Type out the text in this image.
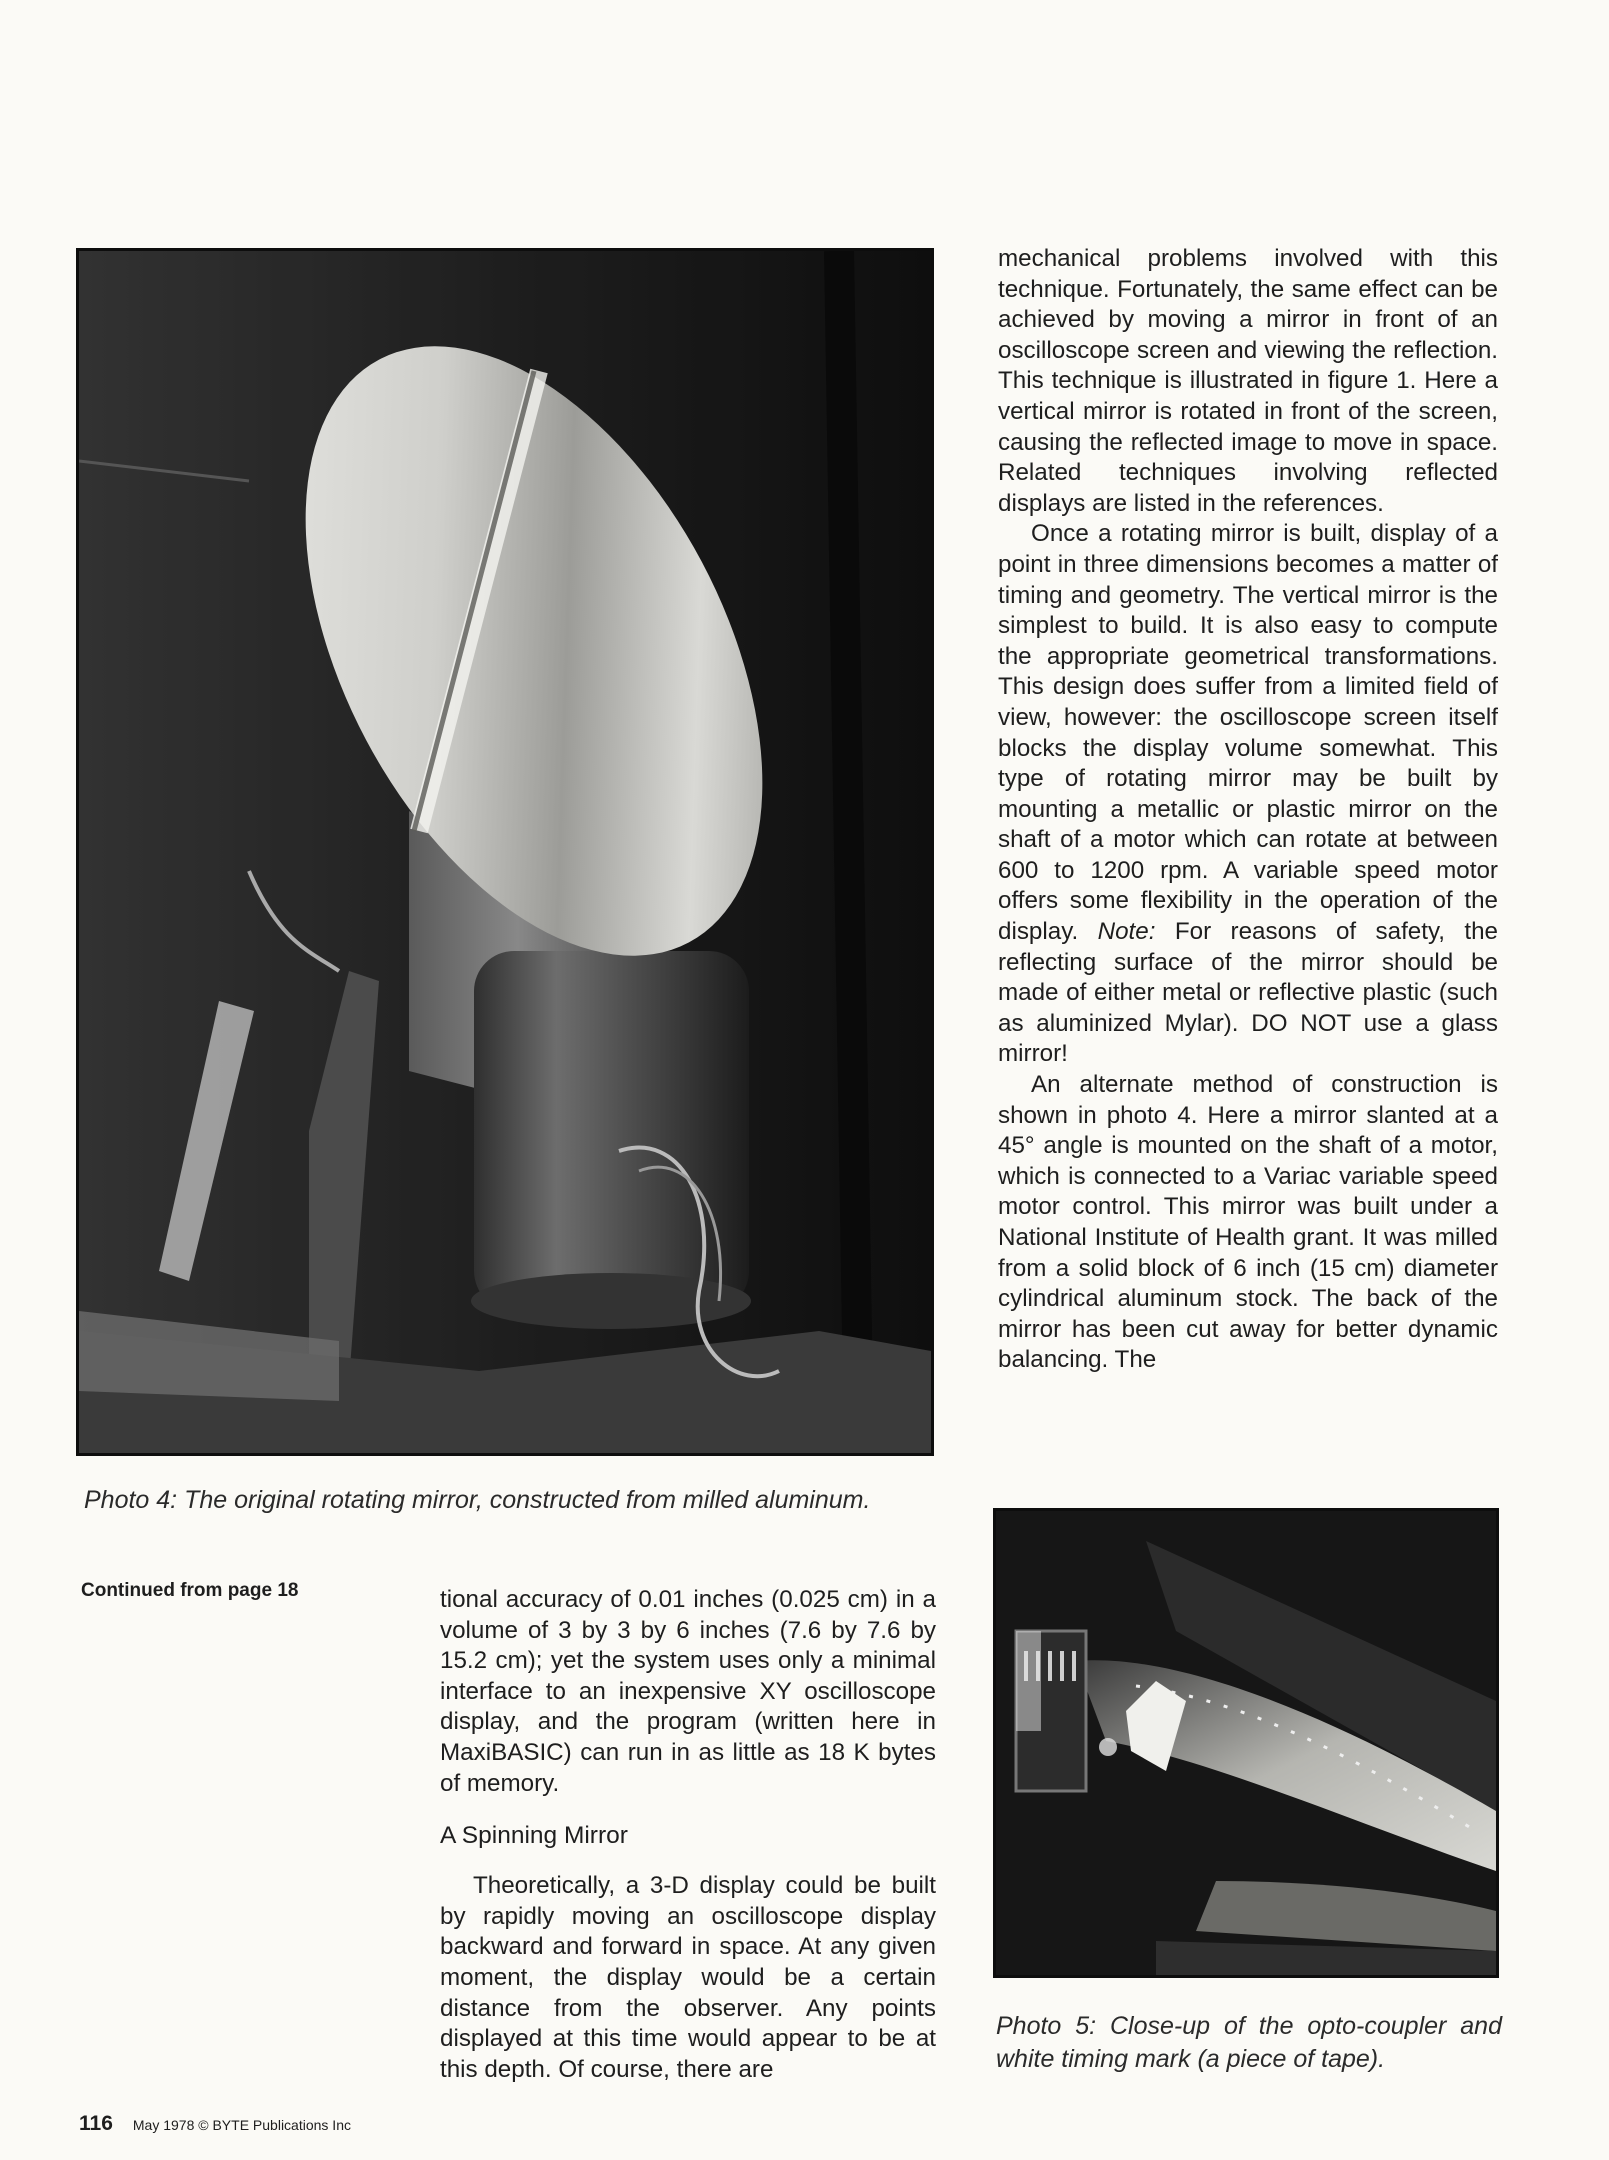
Photo 4: The original rotating mirror, constructed from milled aluminum.

mechanical problems involved with this technique. Fortunately, the same effect can be achieved by moving a mirror in front of an oscilloscope screen and viewing the reflection. This technique is illustrated in figure 1. Here a vertical mirror is rotated in front of the screen, causing the reflected image to move in space. Related techniques involving reflected displays are listed in the references.

Once a rotating mirror is built, display of a point in three dimensions becomes a matter of timing and geometry. The vertical mirror is the simplest to build. It is also easy to compute the appropriate geometrical transformations. This design does suffer from a limited field of view, however: the oscilloscope screen itself blocks the display volume somewhat. This type of rotating mirror may be built by mounting a metallic or plastic mirror on the shaft of a motor which can rotate at between 600 to 1200 rpm. A variable speed motor offers some flexibility in the operation of the display. Note: For reasons of safety, the reflecting surface of the mirror should be made of either metal or reflective plastic (such as aluminized Mylar). DO NOT use a glass mirror!

An alternate method of construction is shown in photo 4. Here a mirror slanted at a 45° angle is mounted on the shaft of a motor, which is connected to a Variac variable speed motor control. This mirror was built under a National Institute of Health grant. It was milled from a solid block of 6 inch (15 cm) diameter cylindrical aluminum stock. The back of the mirror has been cut away for better dynamic balancing. The

Continued from page 18	tional accuracy of 0.01 inches (0.025 cm) in a volume of 3 by 3 by 6 inches (7.6 by 7.6 by 15.2 cm); yet the system uses only a minimal interface to an inexpensive XY oscilloscope display, and the program (written here in MaxiBASIC) can run in as little as 18 K bytes of memory.

A Spinning Mirror

Theoretically, a 3-D display could be built by rapidly moving an oscilloscope display backward and forward in space. At any given moment, the display would be a certain distance from the observer. Any points displayed at this time would appear to be at this depth. Of course, there are

Photo 5: Close-up of the opto-coupler and white timing mark (a piece of tape).
116 May 1978 © BYTE Publications Inc
